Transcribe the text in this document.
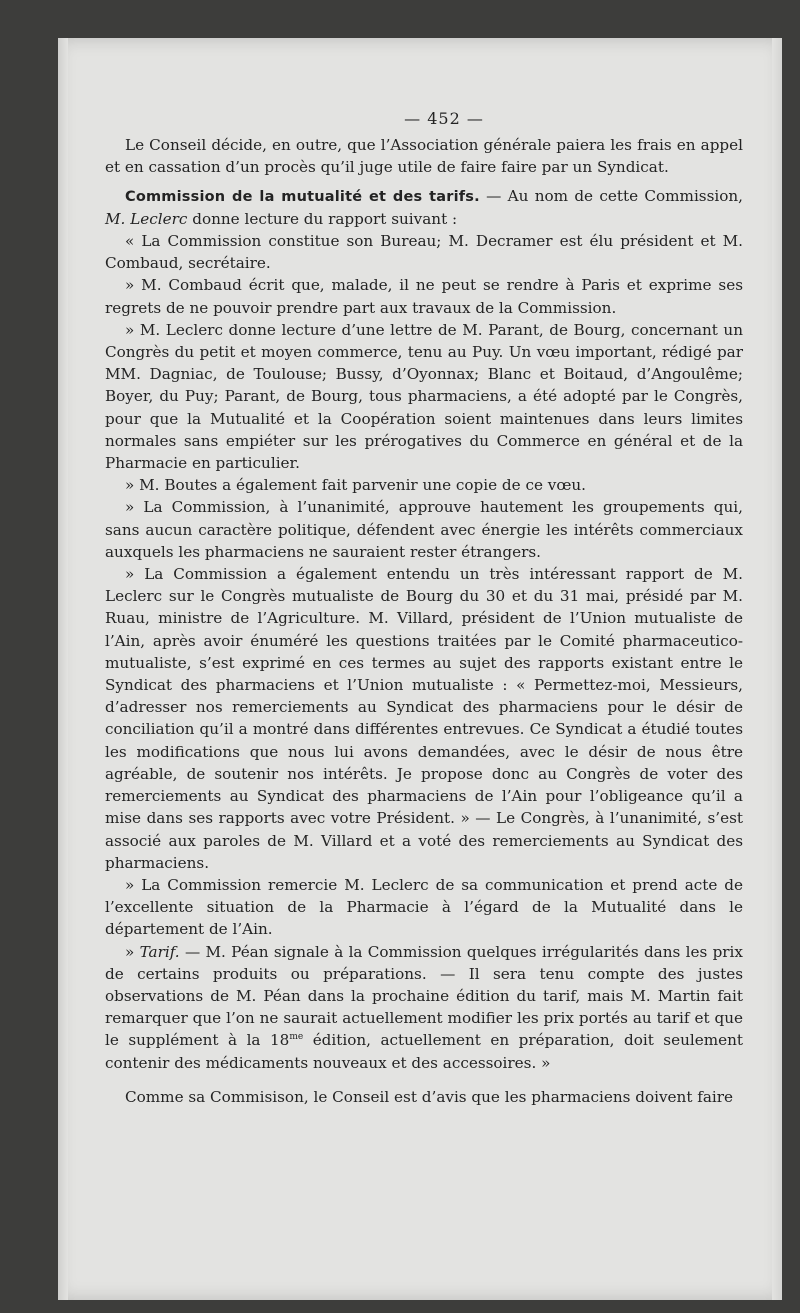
— 452 —

Le Conseil décide, en outre, que l’Association générale paiera les frais en appel et en cassation d’un procès qu’il juge utile de faire faire par un Syndicat.

Commission de la mutualité et des tarifs. — Au nom de cette Commission, M. Leclerc donne lecture du rapport suivant :

« La Commission constitue son Bureau; M. Decramer est élu président et M. Combaud, secrétaire.

» M. Combaud écrit que, malade, il ne peut se rendre à Paris et exprime ses regrets de ne pouvoir prendre part aux travaux de la Commission.

» M. Leclerc donne lecture d’une lettre de M. Parant, de Bourg, concernant un Congrès du petit et moyen commerce, tenu au Puy. Un vœu important, rédigé par MM. Dagniac, de Toulouse; Bussy, d’Oyonnax; Blanc et Boitaud, d’Angoulême; Boyer, du Puy; Parant, de Bourg, tous pharmaciens, a été adopté par le Congrès, pour que la Mutualité et la Coopération soient maintenues dans leurs limites normales sans empiéter sur les prérogatives du Commerce en général et de la Pharmacie en particulier.

» M. Boutes a également fait parvenir une copie de ce vœu.

» La Commission, à l’unanimité, approuve hautement les groupements qui, sans aucun caractère politique, défendent avec énergie les intérêts commerciaux auxquels les pharmaciens ne sauraient rester étrangers.

» La Commission a également entendu un très intéressant rapport de M. Leclerc sur le Congrès mutualiste de Bourg du 30 et du 31 mai, présidé par M. Ruau, ministre de l’Agriculture. M. Villard, président de l’Union mutualiste de l’Ain, après avoir énuméré les questions traitées par le Comité pharmaceutico-mutualiste, s’est exprimé en ces termes au sujet des rapports existant entre le Syndicat des pharmaciens et l’Union mutualiste : « Permettez-moi, Messieurs, d’adresser nos remerciements au Syndicat des pharmaciens pour le désir de conciliation qu’il a montré dans différentes entrevues. Ce Syndicat a étudié toutes les modifications que nous lui avons demandées, avec le désir de nous être agréable, de soutenir nos intérêts. Je propose donc au Congrès de voter des remerciements au Syndicat des pharmaciens de l’Ain pour l’obligeance qu’il a mise dans ses rapports avec votre Président. » — Le Congrès, à l’unanimité, s’est associé aux paroles de M. Villard et a voté des remerciements au Syndicat des pharmaciens.

» La Commission remercie M. Leclerc de sa communication et prend acte de l’excellente situation de la Pharmacie à l’égard de la Mutualité dans le département de l’Ain.

» Tarif. — M. Péan signale à la Commission quelques irrégularités dans les prix de certains produits ou préparations. — Il sera tenu compte des justes observations de M. Péan dans la prochaine édition du tarif, mais M. Martin fait remarquer que l’on ne saurait actuellement modifier les prix portés au tarif et que le supplément à la $18^{me}$ édition, actuellement en préparation, doit seulement contenir des médicaments nouveaux et des accessoires. »

Comme sa Commisison, le Conseil est d’avis que les pharmaciens doivent faire
